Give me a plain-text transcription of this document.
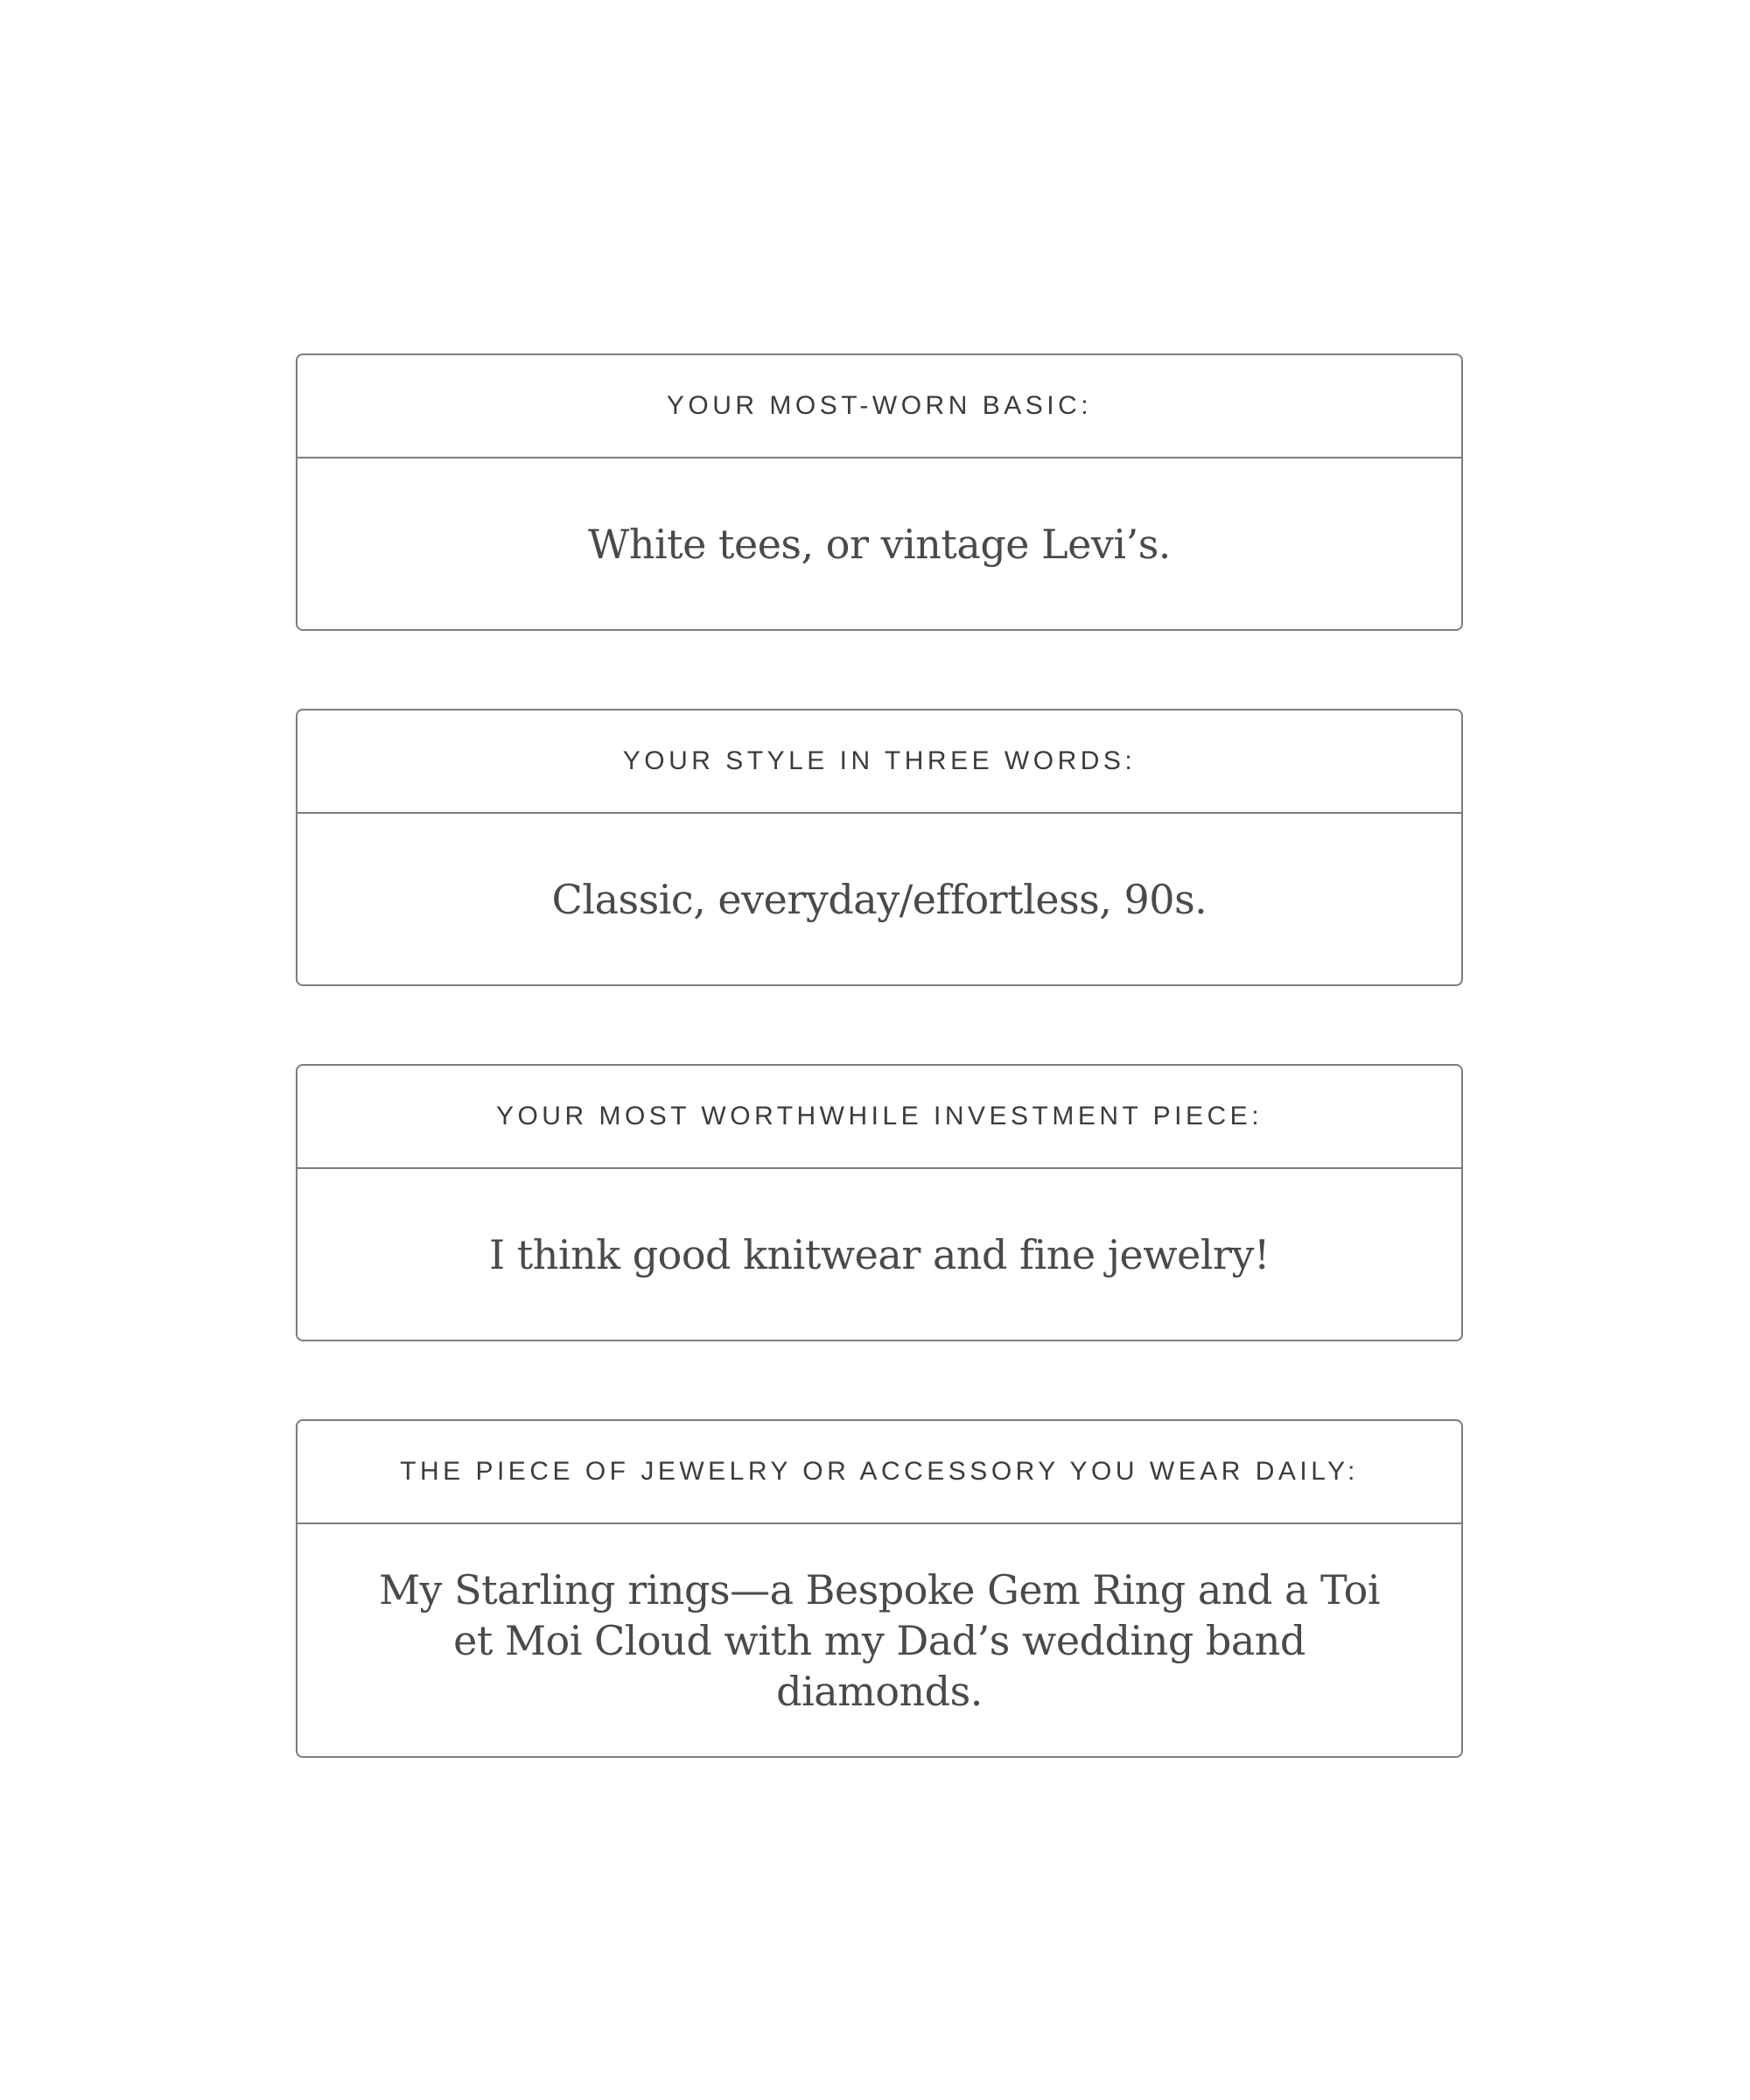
YOUR MOST-WORN BASIC:
White tees, or vintage Levi’s.
YOUR STYLE IN THREE WORDS:
Classic, everyday/effortless, 90s.
YOUR MOST WORTHWHILE INVESTMENT PIECE:
I think good knitwear and fine jewelry!
THE PIECE OF JEWELRY OR ACCESSORY YOU WEAR DAILY:
My Starling rings—a Bespoke Gem Ring and a Toi et Moi Cloud with my Dad’s wedding band diamonds.
